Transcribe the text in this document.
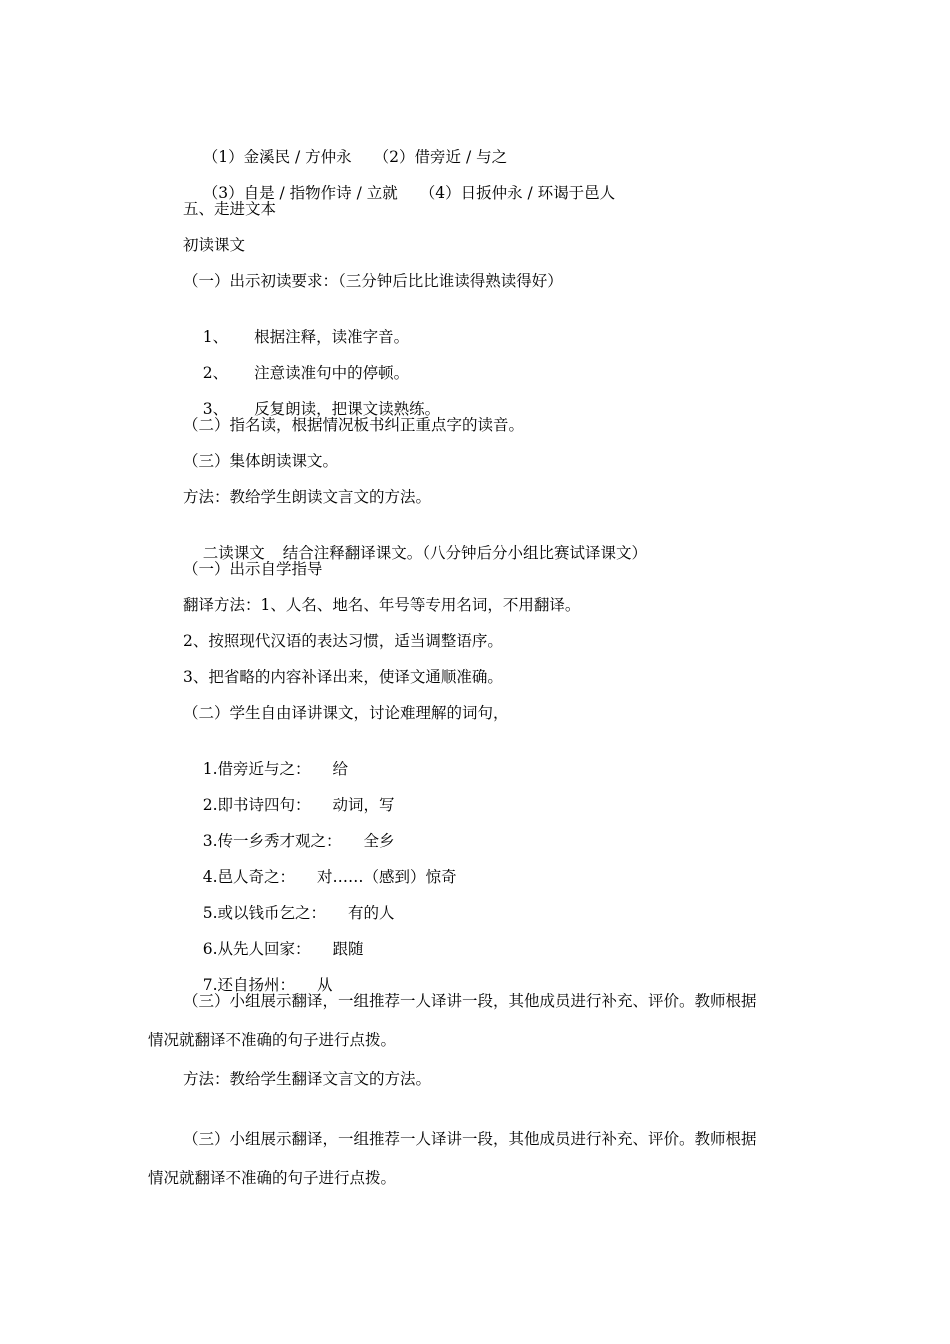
（1）金溪民 / 方仲永 （2）借旁近 / 与之

（3）自是 / 指物作诗 / 立就 （4）日扳仲永 / 环谒于邑人

五、走进文本
初读课文
（一）出示初读要求：（三分钟后比比谁读得熟读得好）

1、 根据注释，读准字音。

2、 注意读准句中的停顿。

3、 反复朗读，把课文读熟练。

（二）指名读，根据情况板书纠正重点字的读音。
（三）集体朗读课文。
方法：教给学生朗读文言文的方法。

二读课文 结合注释翻译课文。（八分钟后分小组比赛试译课文）

（一）出示自学指导
翻译方法：1、人名、地名、年号等专用名词，不用翻译。
2、按照现代汉语的表达习惯，适当调整语序。
3、把省略的内容补译出来，使译文通顺准确。
（二）学生自由译讲课文，讨论难理解的词句，

1.借旁近与之： 给

2.即书诗四句： 动词，写

3.传一乡秀才观之： 全乡

4.邑人奇之： 对……（感到）惊奇

5.或以钱币乞之： 有的人

6.从先人回家： 跟随

7.还自扬州： 从

（三）小组展示翻译，一组推荐一人译讲一段，其他成员进行补充、评价。教师根据
情况就翻译不准确的句子进行点拨。
方法：教给学生翻译文言文的方法。
（三）小组展示翻译，一组推荐一人译讲一段，其他成员进行补充、评价。教师根据
情况就翻译不准确的句子进行点拨。
